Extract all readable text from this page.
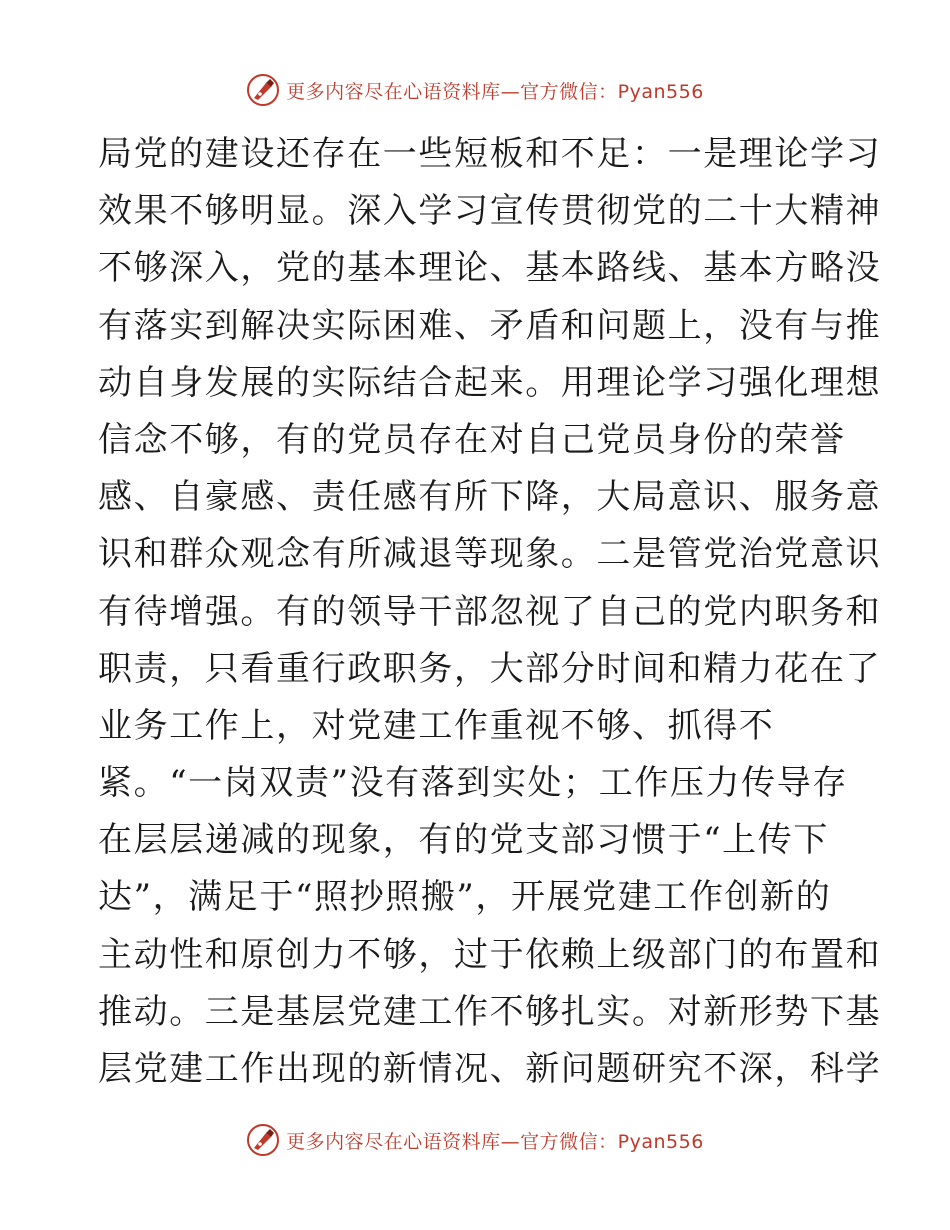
更多内容尽在心语资料库—官方微信：Pyan556
局党的建设还存在一些短板和不足：一是理论学习
效果不够明显。深入学习宣传贯彻党的二十大精神
不够深入，党的基本理论、基本路线、基本方略没
有落实到解决实际困难、矛盾和问题上，没有与推
动自身发展的实际结合起来。用理论学习强化理想
信念不够，有的党员存在对自己党员身份的荣誉
感、自豪感、责任感有所下降，大局意识、服务意
识和群众观念有所减退等现象。二是管党治党意识
有待增强。有的领导干部忽视了自己的党内职务和
职责，只看重行政职务，大部分时间和精力花在了
业务工作上，对党建工作重视不够、抓得不
紧。“一岗双责”没有落到实处；工作压力传导存
在层层递减的现象，有的党支部习惯于“上传下
达”，满足于“照抄照搬”，开展党建工作创新的
主动性和原创力不够，过于依赖上级部门的布置和
推动。三是基层党建工作不够扎实。对新形势下基
层党建工作出现的新情况、新问题研究不深，科学
更多内容尽在心语资料库—官方微信：Pyan556
